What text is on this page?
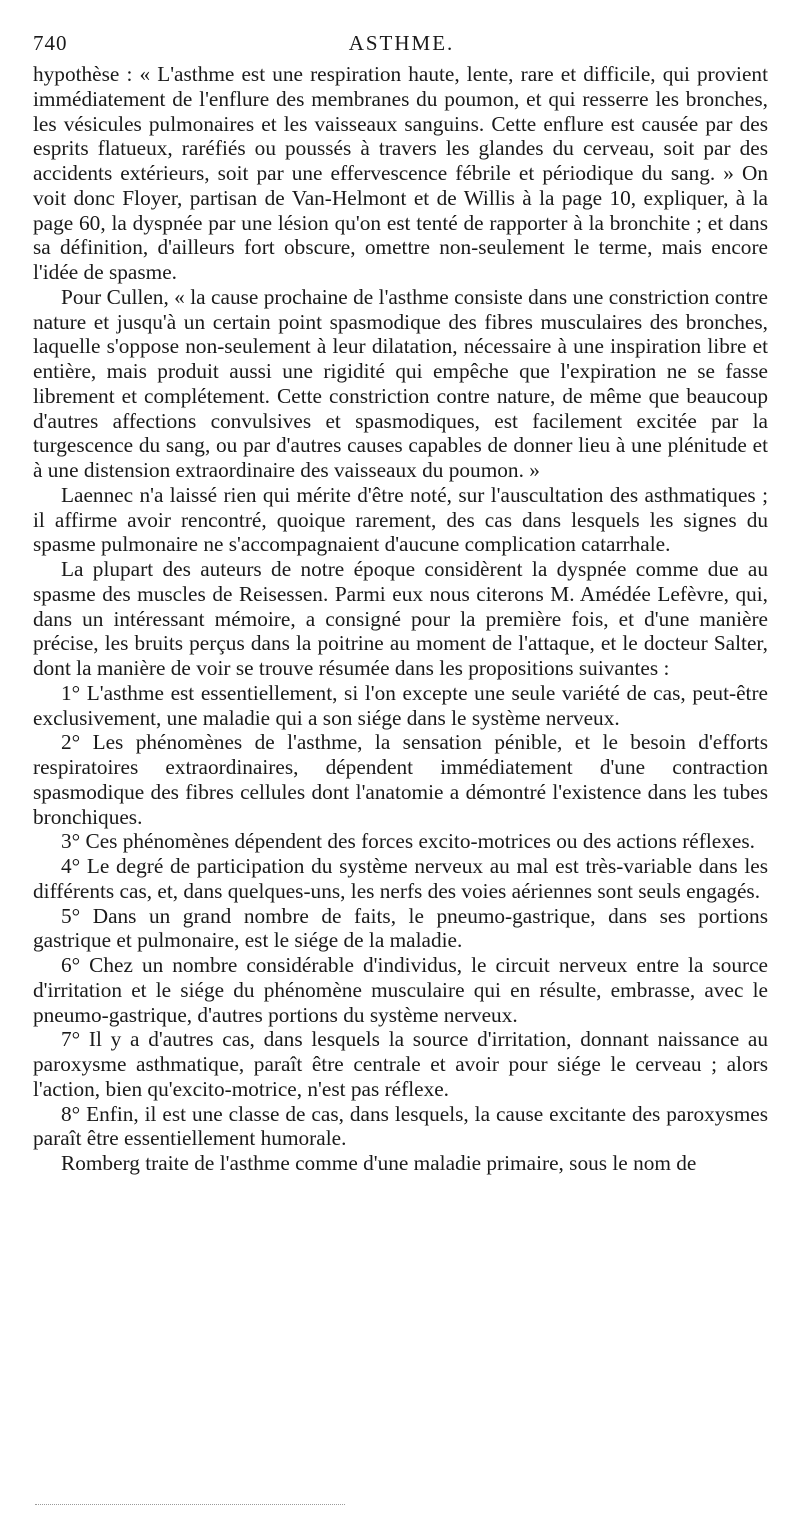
740	ASTHME.

hypothèse : « L'asthme est une respiration haute, lente, rare et difficile, qui provient immédiatement de l'enflure des membranes du poumon, et qui resserre les bronches, les vésicules pulmonaires et les vaisseaux sanguins. Cette enflure est causée par des esprits flatueux, raréfiés ou poussés à travers les glandes du cerveau, soit par des accidents extérieurs, soit par une effervescence fébrile et périodique du sang. » On voit donc Floyer, partisan de Van-Helmont et de Willis à la page 10, expliquer, à la page 60, la dyspnée par une lésion qu'on est tenté de rapporter à la bronchite ; et dans sa définition, d'ailleurs fort obscure, omettre non-seulement le terme, mais encore l'idée de spasme.

Pour Cullen, « la cause prochaine de l'asthme consiste dans une constriction contre nature et jusqu'à un certain point spasmodique des fibres musculaires des bronches, laquelle s'oppose non-seulement à leur dilatation, nécessaire à une inspiration libre et entière, mais produit aussi une rigidité qui empêche que l'expiration ne se fasse librement et complétement. Cette constriction contre nature, de même que beaucoup d'autres affections convulsives et spasmodiques, est facilement excitée par la turgescence du sang, ou par d'autres causes capables de donner lieu à une plénitude et à une distension extraordinaire des vaisseaux du poumon. »

Laennec n'a laissé rien qui mérite d'être noté, sur l'auscultation des asthmatiques ; il affirme avoir rencontré, quoique rarement, des cas dans lesquels les signes du spasme pulmonaire ne s'accompagnaient d'aucune complication catarrhale.

La plupart des auteurs de notre époque considèrent la dyspnée comme due au spasme des muscles de Reisessen. Parmi eux nous citerons M. Amédée Lefèvre, qui, dans un intéressant mémoire, a consigné pour la première fois, et d'une manière précise, les bruits perçus dans la poitrine au moment de l'attaque, et le docteur Salter, dont la manière de voir se trouve résumée dans les propositions suivantes :

1° L'asthme est essentiellement, si l'on excepte une seule variété de cas, peut-être exclusivement, une maladie qui a son siége dans le système nerveux.

2° Les phénomènes de l'asthme, la sensation pénible, et le besoin d'efforts respiratoires extraordinaires, dépendent immédiatement d'une contraction spasmodique des fibres cellules dont l'anatomie a démontré l'existence dans les tubes bronchiques.

3° Ces phénomènes dépendent des forces excito-motrices ou des actions réflexes.

4° Le degré de participation du système nerveux au mal est très-variable dans les différents cas, et, dans quelques-uns, les nerfs des voies aériennes sont seuls engagés.

5° Dans un grand nombre de faits, le pneumo-gastrique, dans ses portions gastrique et pulmonaire, est le siége de la maladie.

6° Chez un nombre considérable d'individus, le circuit nerveux entre la source d'irritation et le siége du phénomène musculaire qui en résulte, embrasse, avec le pneumo-gastrique, d'autres portions du système nerveux.

7° Il y a d'autres cas, dans lesquels la source d'irritation, donnant naissance au paroxysme asthmatique, paraît être centrale et avoir pour siége le cerveau ; alors l'action, bien qu'excito-motrice, n'est pas réflexe.

8° Enfin, il est une classe de cas, dans lesquels, la cause excitante des paroxysmes paraît être essentiellement humorale.

Romberg traite de l'asthme comme d'une maladie primaire, sous le nom de
